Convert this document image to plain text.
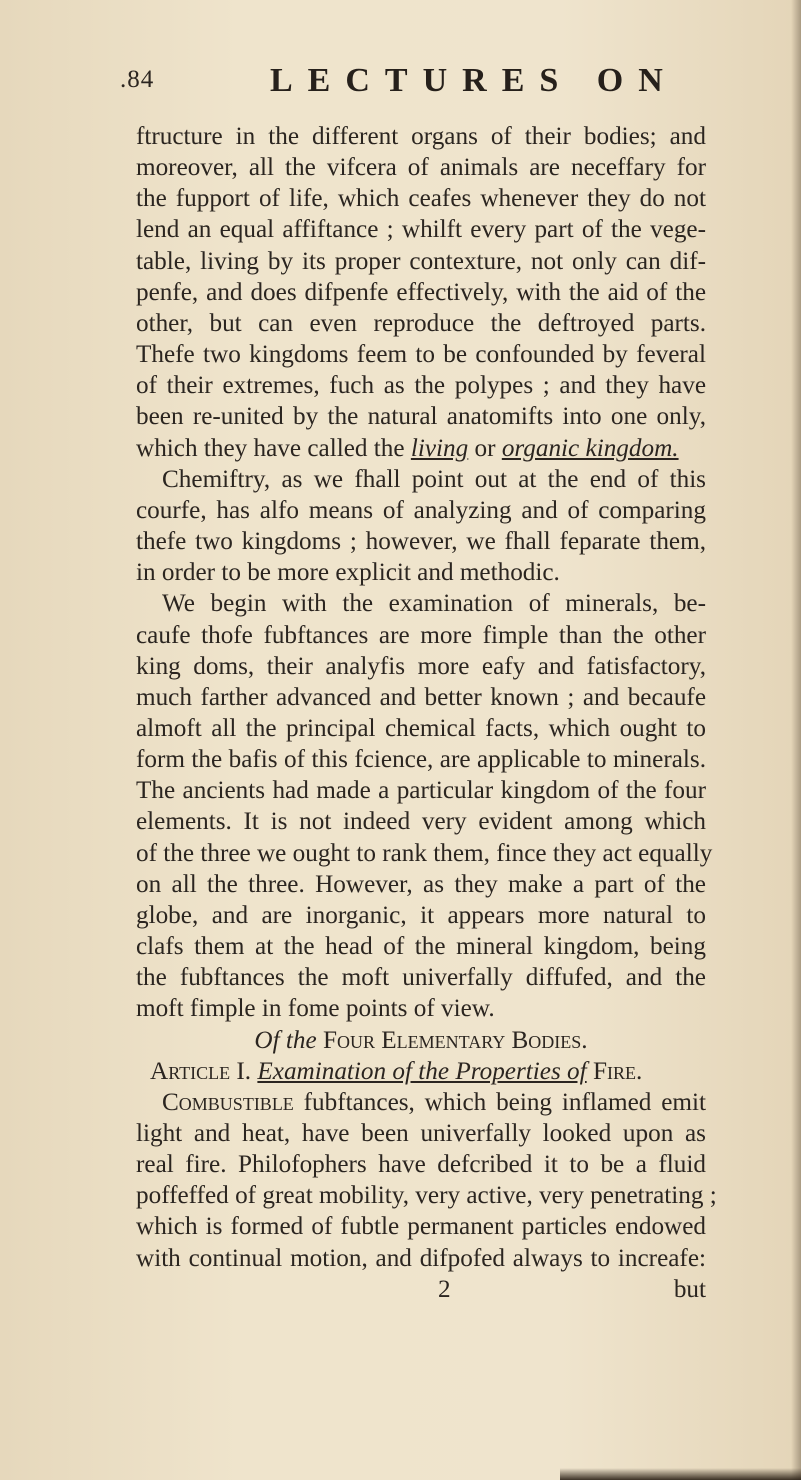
.84	LECTURES ON
ftructure in the different organs of their bodies; and
moreover, all the vifcera of animals are neceffary for
the fupport of life, which ceafes whenever they do not
lend an equal affiftance ; whilft every part of the vege-
table, living by its proper contexture, not only can dif-
penfe, and does difpenfe effectively, with the aid of the
other, but can even reproduce the deftroyed parts.
Thefe two kingdoms feem to be confounded by feveral
of their extremes, fuch as the polypes ; and they have
been re-united by the natural anatomifts into one only,
which they have called the living or organic kingdom.
Chemiftry, as we fhall point out at the end of this
courfe, has alfo means of analyzing and of comparing
thefe two kingdoms ; however, we fhall feparate them,
in order to be more explicit and methodic.
We begin with the examination of minerals, be-
caufe thofe fubftances are more fimple than the other
king doms, their analyfis more eafy and fatisfactory,
much farther advanced and better known ; and becaufe
almoft all the principal chemical facts, which ought to
form the bafis of this fcience, are applicable to minerals.
The ancients had made a particular kingdom of the four
elements. It is not indeed very evident among which
of the three we ought to rank them, fince they act equally
on all the three. However, as they make a part of the
globe, and are inorganic, it appears more natural to
clafs them at the head of the mineral kingdom, being
the fubftances the moft univerfally diffufed, and the
moft fimple in fome points of view.
Of the Four Elementary Bodies.
Article I. Examination of the Properties of Fire.
Combustible fubftances, which being inflamed emit
light and heat, have been univerfally looked upon as
real fire. Philofophers have defcribed it to be a fluid
poffeffed of great mobility, very active, very penetrating ;
which is formed of fubtle permanent particles endowed
with continual motion, and difpofed always to increafe:
2	but
